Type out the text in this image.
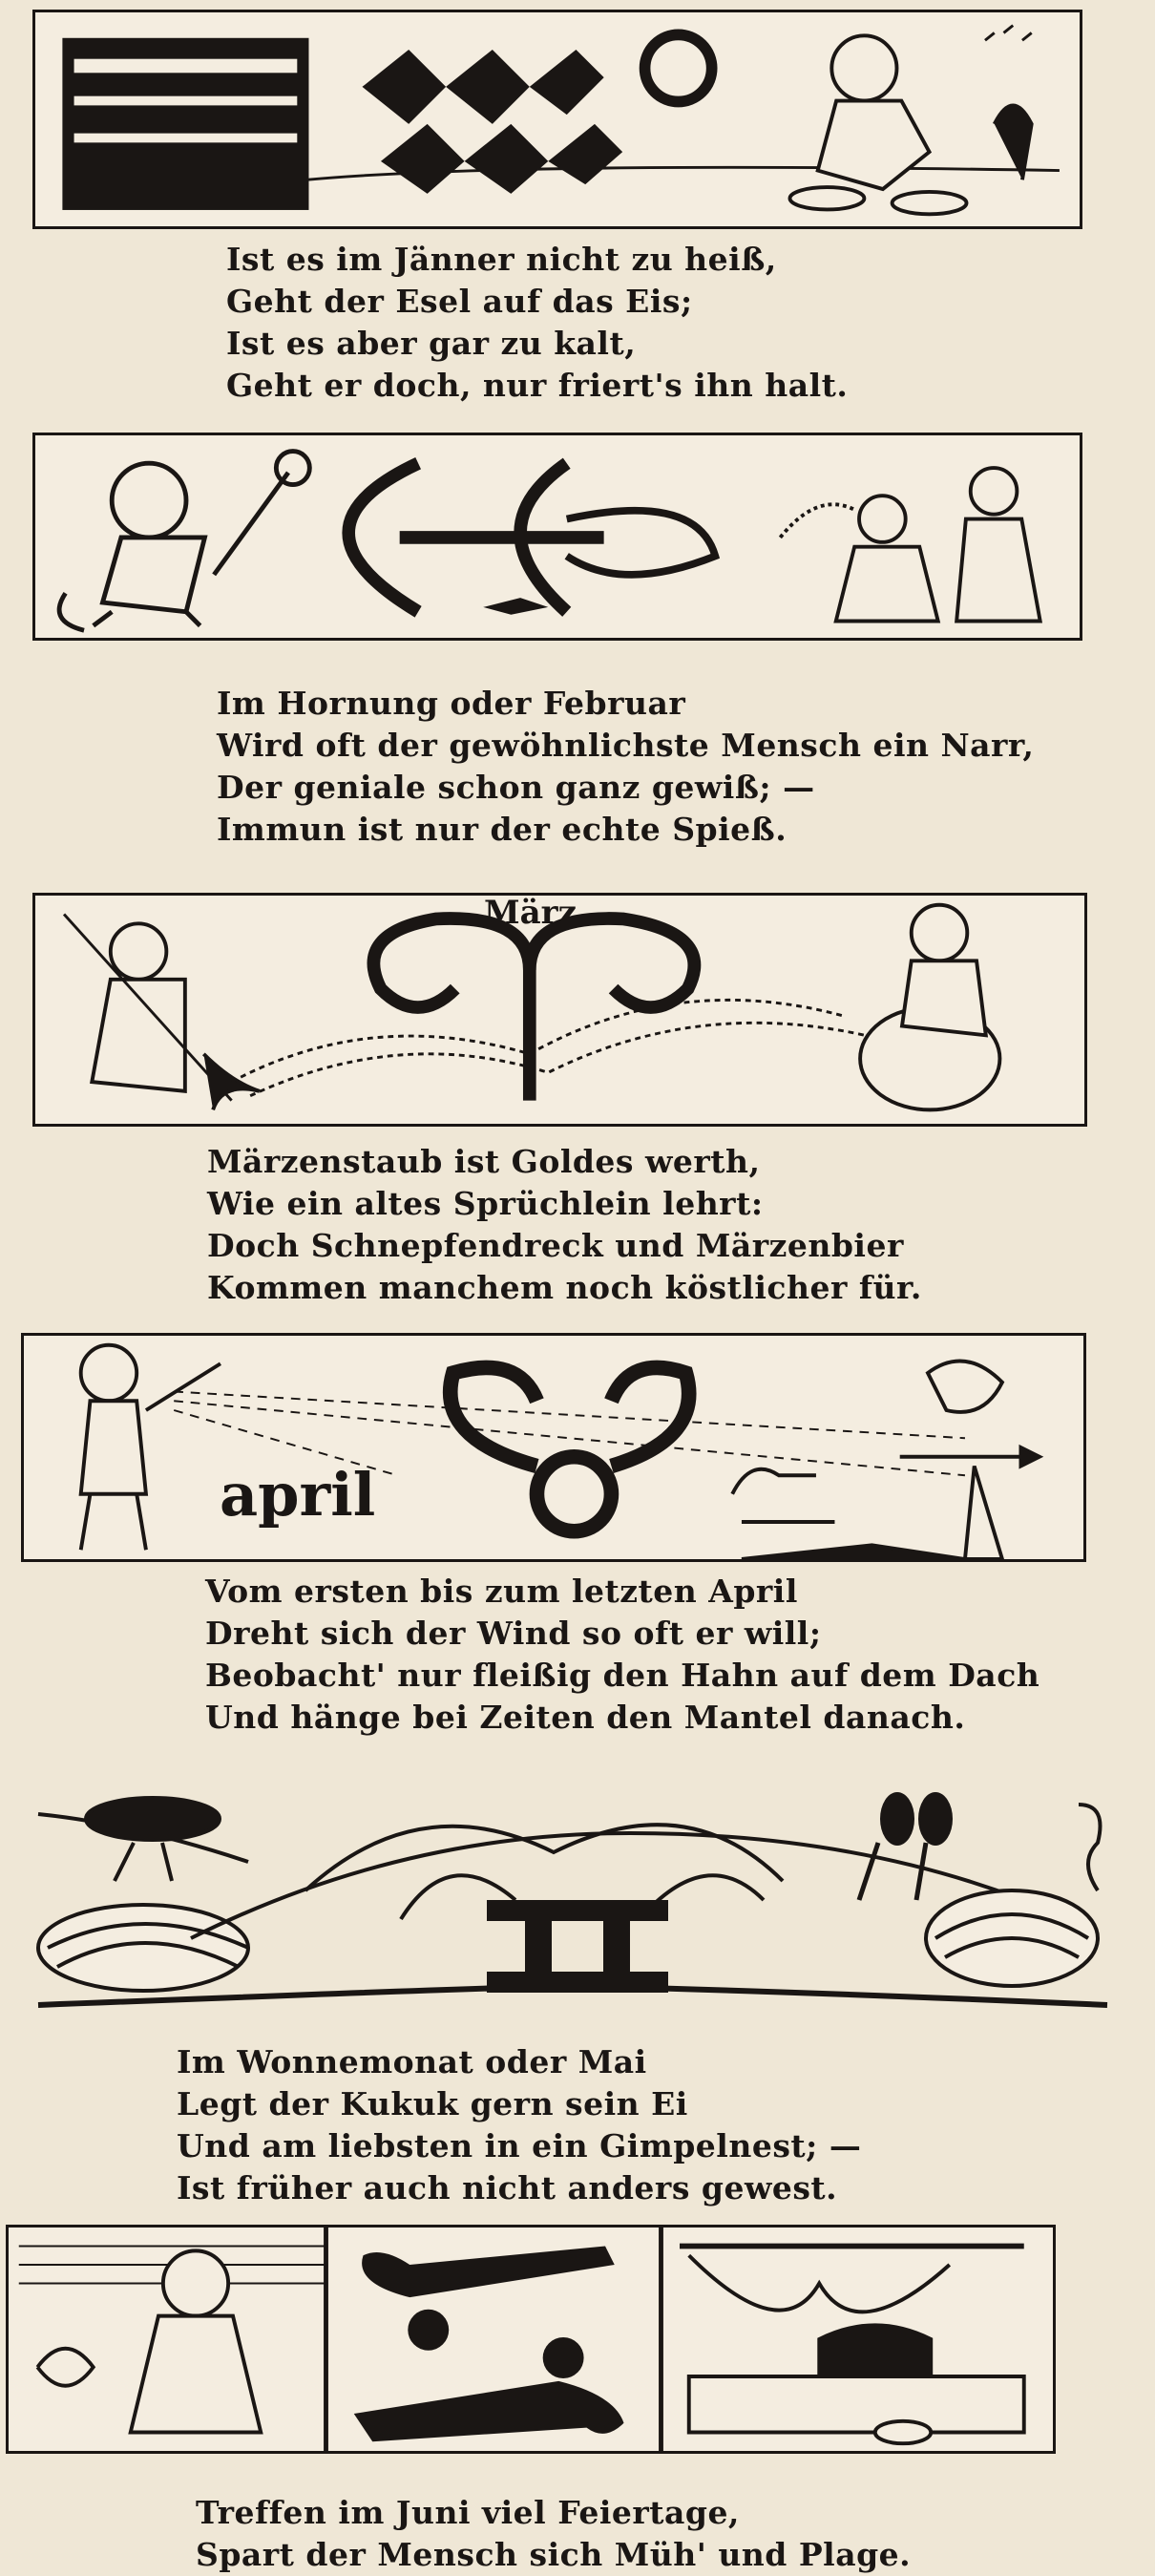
Ist es im Jänner nicht zu heiß,
Geht der Esel auf das Eis;
Ist es aber gar zu kalt,
Geht er doch, nur friert's ihn halt.
Im Hornung oder Februar
Wird oft der gewöhnlichste Mensch ein Narr,
Der geniale schon ganz gewiß; —
Immun ist nur der echte Spieß.
März
Märzenstaub ist Goldes werth,
Wie ein altes Sprüchlein lehrt:
Doch Schnepfendreck und Märzenbier
Kommen manchem noch köstlicher für.
april
Vom ersten bis zum letzten April
Dreht sich der Wind so oft er will;
Beobacht' nur fleißig den Hahn auf dem Dach
Und hänge bei Zeiten den Mantel danach.
Im Wonnemonat oder Mai
Legt der Kukuk gern sein Ei
Und am liebsten in ein Gimpelnest; —
Ist früher auch nicht anders gewest.
Treffen im Juni viel Feiertage,
Spart der Mensch sich Müh' und Plage.
